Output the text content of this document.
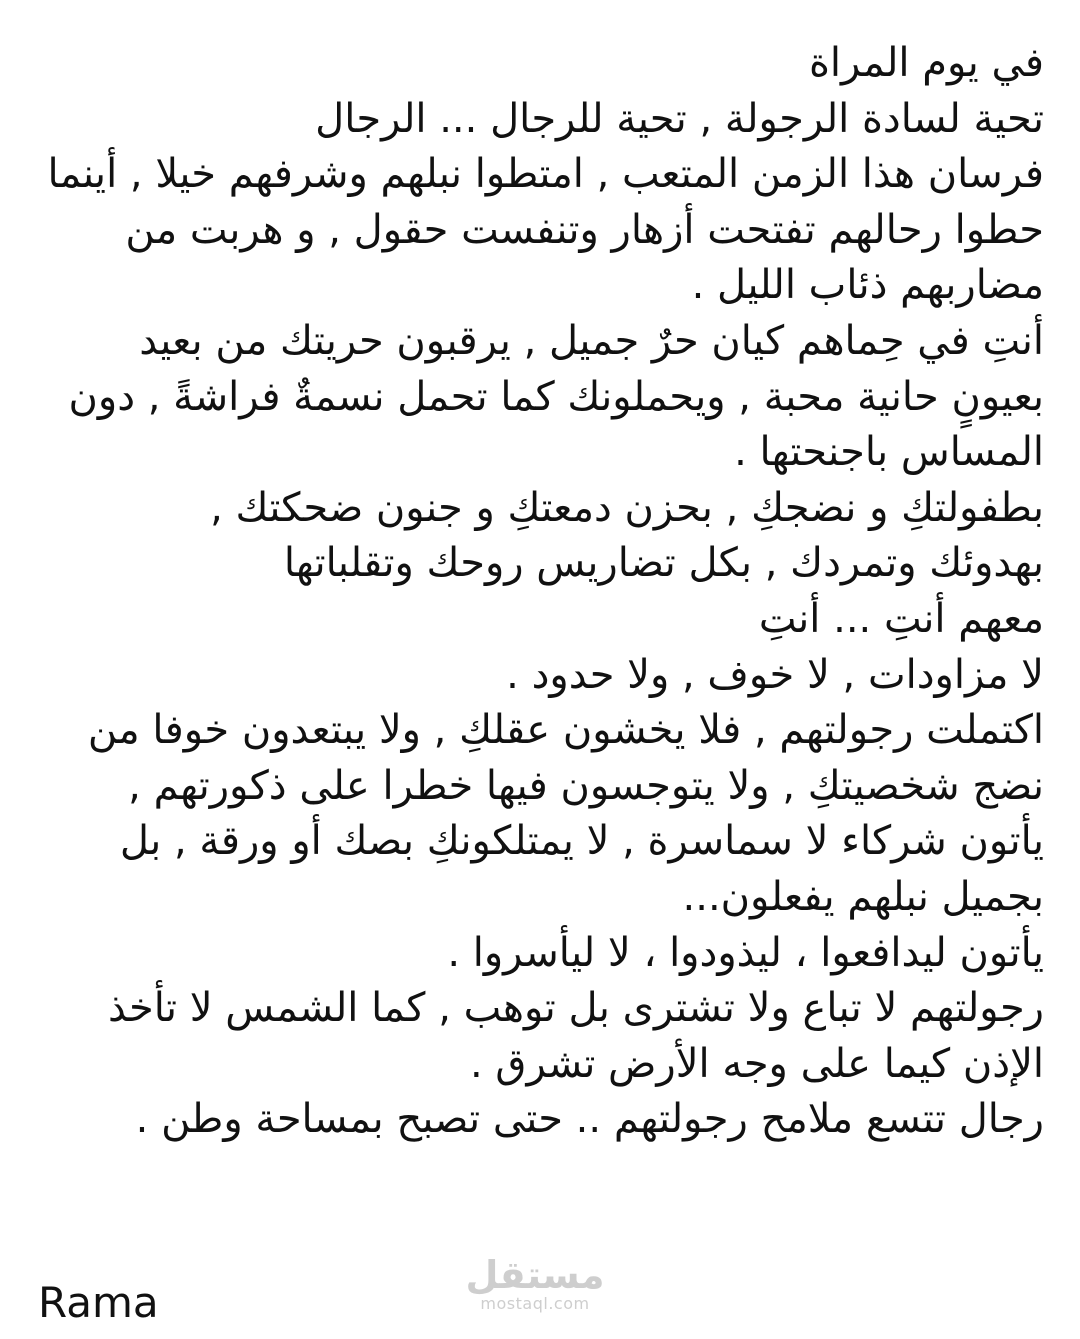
في يوم المراة
تحية لسادة الرجولة , تحية للرجال ... الرجال
فرسان هذا الزمن المتعب , امتطوا نبلهم وشرفهم خيلا , أينما
حطوا رحالهم تفتحت أزهار وتنفست حقول , و هربت من
مضاربهم ذئاب الليل .
أنتِ في حِماهم كيان حرٌ جميل , يرقبون حريتك من بعيد
بعيونٍ حانية محبة , ويحملونك كما تحمل نسمةٌ فراشةً , دون
المساس باجنحتها .
بطفولتكِ و نضجكِ , بحزن دمعتكِ و جنون ضحكتك ,
بهدوئك وتمردك , بكل تضاريس روحك وتقلباتها
معهم أنتِ ... أنتِ
لا مزاودات , لا خوف , ولا حدود .
اكتملت رجولتهم , فلا يخشون عقلكِ , ولا يبتعدون خوفا من
نضج شخصيتكِ , ولا يتوجسون فيها خطرا على ذكورتهم ,
يأتون شركاء لا سماسرة , لا يمتلكونكِ بصك أو ورقة , بل
بجميل نبلهم يفعلون...
يأتون ليدافعوا ، ليذودوا ، لا ليأسروا .
رجولتهم لا تباع ولا تشترى بل توهب , كما الشمس لا تأخذ
الإذن كيما على وجه الأرض تشرق .
رجال تتسع ملامح رجولتهم .. حتى تصبح بمساحة وطن .
مستقل
mostaql.com
Rama
